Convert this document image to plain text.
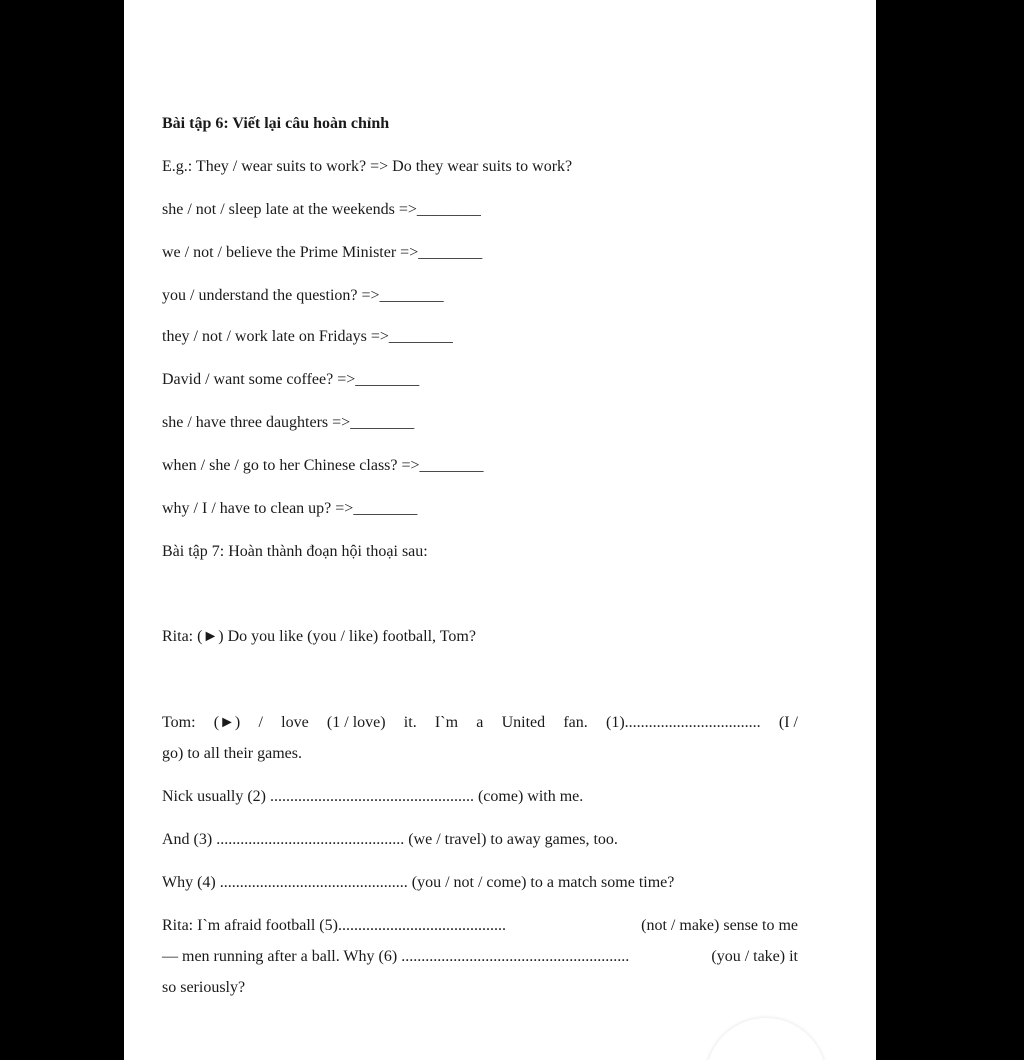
Bài tập 6: Viết lại câu hoàn chỉnh
E.g.: They / wear suits to work? => Do they wear suits to work?
she / not / sleep late at the weekends =>________
we / not / believe the Prime Minister =>________
you / understand the question? =>________
they / not / work late on Fridays =>________
David / want some coffee? =>________
she / have three daughters =>________
when / she / go to her Chinese class? =>________
why / I / have to clean up? =>________
Bài tập 7: Hoàn thành đoạn hội thoại sau:
Rita: (►) Do you like (you / like) football, Tom?
Tom: (►) / love (1 / love) it. I`m a United fan. (1).................................. (I /
go) to all their games.
Nick usually (2) ................................................... (come) with me.
And (3) ............................................... (we / travel) to away games, too.
Why (4) ............................................... (you / not / come) to a match some time?
Rita: I`m afraid football (5)..........................................	(not / make) sense to me
— men running after a ball. Why (6) .........................................................	(you / take) it
so seriously?
